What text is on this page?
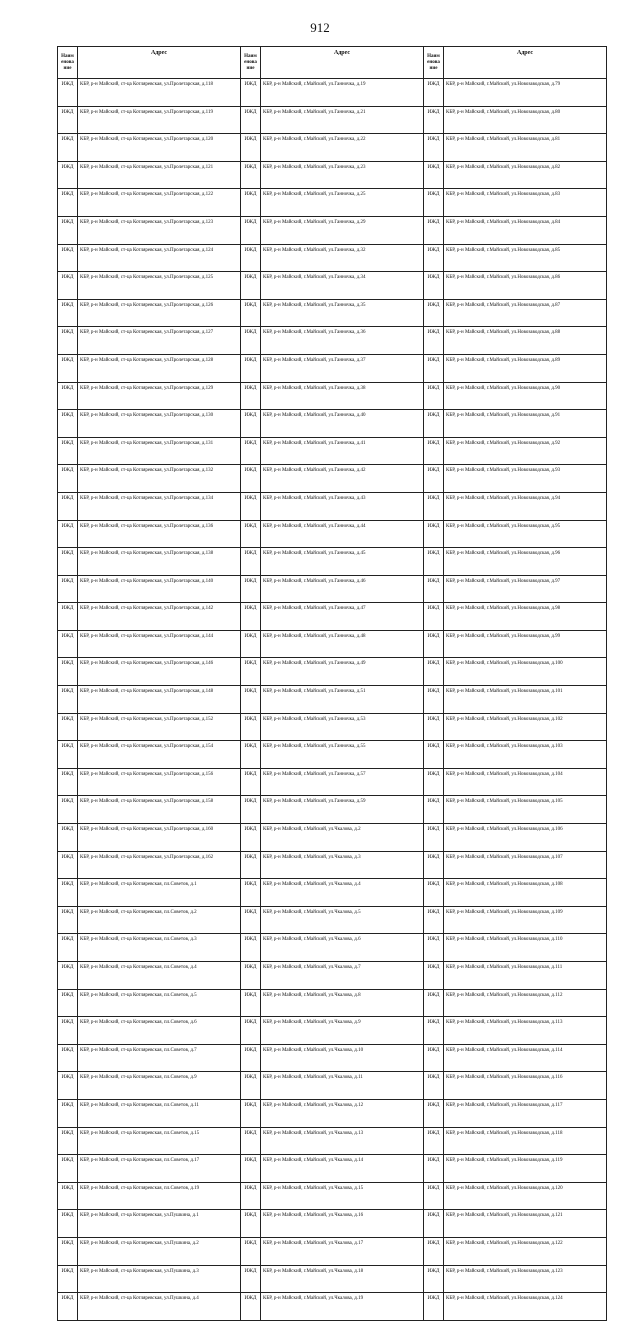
912
Наим енова ние	Адрес	Наим енова ние	Адрес	Наим енова ние	Адрес
ИЖД	КБР, р-н Майский, ст-ца Котляревская, ул.Пролетарская, д.118	ИЖД	КБР, р-н Майский, г.Майский, ул.Ганночка, д.19	ИЖД	КБР, р-н Майский, г.Майский, ул.Новозаводская, д.79
ИЖД	КБР, р-н Майский, ст-ца Котляревская, ул.Пролетарская, д.119	ИЖД	КБР, р-н Майский, г.Майский, ул.Ганночка, д.21	ИЖД	КБР, р-н Майский, г.Майский, ул.Новозаводская, д.80
ИЖД	КБР, р-н Майский, ст-ца Котляревская, ул.Пролетарская, д.120	ИЖД	КБР, р-н Майский, г.Майский, ул.Ганночка, д.22	ИЖД	КБР, р-н Майский, г.Майский, ул.Новозаводская, д.81
ИЖД	КБР, р-н Майский, ст-ца Котляревская, ул.Пролетарская, д.121	ИЖД	КБР, р-н Майский, г.Майский, ул.Ганночка, д.23	ИЖД	КБР, р-н Майский, г.Майский, ул.Новозаводская, д.82
ИЖД	КБР, р-н Майский, ст-ца Котляревская, ул.Пролетарская, д.122	ИЖД	КБР, р-н Майский, г.Майский, ул.Ганночка, д.25	ИЖД	КБР, р-н Майский, г.Майский, ул.Новозаводская, д.83
ИЖД	КБР, р-н Майский, ст-ца Котляревская, ул.Пролетарская, д.123	ИЖД	КБР, р-н Майский, г.Майский, ул.Ганночка, д.29	ИЖД	КБР, р-н Майский, г.Майский, ул.Новозаводская, д.84
ИЖД	КБР, р-н Майский, ст-ца Котляревская, ул.Пролетарская, д.124	ИЖД	КБР, р-н Майский, г.Майский, ул.Ганночка, д.32	ИЖД	КБР, р-н Майский, г.Майский, ул.Новозаводская, д.85
ИЖД	КБР, р-н Майский, ст-ца Котляревская, ул.Пролетарская, д.125	ИЖД	КБР, р-н Майский, г.Майский, ул.Ганночка, д.34	ИЖД	КБР, р-н Майский, г.Майский, ул.Новозаводская, д.86
ИЖД	КБР, р-н Майский, ст-ца Котляревская, ул.Пролетарская, д.126	ИЖД	КБР, р-н Майский, г.Майский, ул.Ганночка, д.35	ИЖД	КБР, р-н Майский, г.Майский, ул.Новозаводская, д.87
ИЖД	КБР, р-н Майский, ст-ца Котляревская, ул.Пролетарская, д.127	ИЖД	КБР, р-н Майский, г.Майский, ул.Ганночка, д.36	ИЖД	КБР, р-н Майский, г.Майский, ул.Новозаводская, д.88
ИЖД	КБР, р-н Майский, ст-ца Котляревская, ул.Пролетарская, д.128	ИЖД	КБР, р-н Майский, г.Майский, ул.Ганночка, д.37	ИЖД	КБР, р-н Майский, г.Майский, ул.Новозаводская, д.89
ИЖД	КБР, р-н Майский, ст-ца Котляревская, ул.Пролетарская, д.129	ИЖД	КБР, р-н Майский, г.Майский, ул.Ганночка, д.38	ИЖД	КБР, р-н Майский, г.Майский, ул.Новозаводская, д.90
ИЖД	КБР, р-н Майский, ст-ца Котляревская, ул.Пролетарская, д.130	ИЖД	КБР, р-н Майский, г.Майский, ул.Ганночка, д.40	ИЖД	КБР, р-н Майский, г.Майский, ул.Новозаводская, д.91
ИЖД	КБР, р-н Майский, ст-ца Котляревская, ул.Пролетарская, д.131	ИЖД	КБР, р-н Майский, г.Майский, ул.Ганночка, д.41	ИЖД	КБР, р-н Майский, г.Майский, ул.Новозаводская, д.92
ИЖД	КБР, р-н Майский, ст-ца Котляревская, ул.Пролетарская, д.132	ИЖД	КБР, р-н Майский, г.Майский, ул.Ганночка, д.42	ИЖД	КБР, р-н Майский, г.Майский, ул.Новозаводская, д.93
ИЖД	КБР, р-н Майский, ст-ца Котляревская, ул.Пролетарская, д.134	ИЖД	КБР, р-н Майский, г.Майский, ул.Ганночка, д.43	ИЖД	КБР, р-н Майский, г.Майский, ул.Новозаводская, д.94
ИЖД	КБР, р-н Майский, ст-ца Котляревская, ул.Пролетарская, д.136	ИЖД	КБР, р-н Майский, г.Майский, ул.Ганночка, д.44	ИЖД	КБР, р-н Майский, г.Майский, ул.Новозаводская, д.95
ИЖД	КБР, р-н Майский, ст-ца Котляревская, ул.Пролетарская, д.138	ИЖД	КБР, р-н Майский, г.Майский, ул.Ганночка, д.45	ИЖД	КБР, р-н Майский, г.Майский, ул.Новозаводская, д.96
ИЖД	КБР, р-н Майский, ст-ца Котляревская, ул.Пролетарская, д.140	ИЖД	КБР, р-н Майский, г.Майский, ул.Ганночка, д.46	ИЖД	КБР, р-н Майский, г.Майский, ул.Новозаводская, д.97
ИЖД	КБР, р-н Майский, ст-ца Котляревская, ул.Пролетарская, д.142	ИЖД	КБР, р-н Майский, г.Майский, ул.Ганночка, д.47	ИЖД	КБР, р-н Майский, г.Майский, ул.Новозаводская, д.98
ИЖД	КБР, р-н Майский, ст-ца Котляревская, ул.Пролетарская, д.144	ИЖД	КБР, р-н Майский, г.Майский, ул.Ганночка, д.48	ИЖД	КБР, р-н Майский, г.Майский, ул.Новозаводская, д.99
ИЖД	КБР, р-н Майский, ст-ца Котляревская, ул.Пролетарская, д.146	ИЖД	КБР, р-н Майский, г.Майский, ул.Ганночка, д.49	ИЖД	КБР, р-н Майский, г.Майский, ул.Новозаводская, д.100
ИЖД	КБР, р-н Майский, ст-ца Котляревская, ул.Пролетарская, д.148	ИЖД	КБР, р-н Майский, г.Майский, ул.Ганночка, д.51	ИЖД	КБР, р-н Майский, г.Майский, ул.Новозаводская, д.101
ИЖД	КБР, р-н Майский, ст-ца Котляревская, ул.Пролетарская, д.152	ИЖД	КБР, р-н Майский, г.Майский, ул.Ганночка, д.53	ИЖД	КБР, р-н Майский, г.Майский, ул.Новозаводская, д.102
ИЖД	КБР, р-н Майский, ст-ца Котляревская, ул.Пролетарская, д.154	ИЖД	КБР, р-н Майский, г.Майский, ул.Ганночка, д.55	ИЖД	КБР, р-н Майский, г.Майский, ул.Новозаводская, д.103
ИЖД	КБР, р-н Майский, ст-ца Котляревская, ул.Пролетарская, д.156	ИЖД	КБР, р-н Майский, г.Майский, ул.Ганночка, д.57	ИЖД	КБР, р-н Майский, г.Майский, ул.Новозаводская, д.104
ИЖД	КБР, р-н Майский, ст-ца Котляревская, ул.Пролетарская, д.158	ИЖД	КБР, р-н Майский, г.Майский, ул.Ганночка, д.59	ИЖД	КБР, р-н Майский, г.Майский, ул.Новозаводская, д.105
ИЖД	КБР, р-н Майский, ст-ца Котляревская, ул.Пролетарская, д.160	ИЖД	КБР, р-н Майский, г.Майский, ул.Чкалова, д.2	ИЖД	КБР, р-н Майский, г.Майский, ул.Новозаводская, д.106
ИЖД	КБР, р-н Майский, ст-ца Котляревская, ул.Пролетарская, д.162	ИЖД	КБР, р-н Майский, г.Майский, ул.Чкалова, д.3	ИЖД	КБР, р-н Майский, г.Майский, ул.Новозаводская, д.107
ИЖД	КБР, р-н Майский, ст-ца Котляревская, пл.Советов, д.1	ИЖД	КБР, р-н Майский, г.Майский, ул.Чкалова, д.4	ИЖД	КБР, р-н Майский, г.Майский, ул.Новозаводская, д.108
ИЖД	КБР, р-н Майский, ст-ца Котляревская, пл.Советов, д.2	ИЖД	КБР, р-н Майский, г.Майский, ул.Чкалова, д.5	ИЖД	КБР, р-н Майский, г.Майский, ул.Новозаводская, д.109
ИЖД	КБР, р-н Майский, ст-ца Котляревская, пл.Советов, д.3	ИЖД	КБР, р-н Майский, г.Майский, ул.Чкалова, д.6	ИЖД	КБР, р-н Майский, г.Майский, ул.Новозаводская, д.110
ИЖД	КБР, р-н Майский, ст-ца Котляревская, пл.Советов, д.4	ИЖД	КБР, р-н Майский, г.Майский, ул.Чкалова, д.7	ИЖД	КБР, р-н Майский, г.Майский, ул.Новозаводская, д.111
ИЖД	КБР, р-н Майский, ст-ца Котляревская, пл.Советов, д.5	ИЖД	КБР, р-н Майский, г.Майский, ул.Чкалова, д.8	ИЖД	КБР, р-н Майский, г.Майский, ул.Новозаводская, д.112
ИЖД	КБР, р-н Майский, ст-ца Котляревская, пл.Советов, д.6	ИЖД	КБР, р-н Майский, г.Майский, ул.Чкалова, д.9	ИЖД	КБР, р-н Майский, г.Майский, ул.Новозаводская, д.113
ИЖД	КБР, р-н Майский, ст-ца Котляревская, пл.Советов, д.7	ИЖД	КБР, р-н Майский, г.Майский, ул.Чкалова, д.10	ИЖД	КБР, р-н Майский, г.Майский, ул.Новозаводская, д.114
ИЖД	КБР, р-н Майский, ст-ца Котляревская, пл.Советов, д.9	ИЖД	КБР, р-н Майский, г.Майский, ул.Чкалова, д.11	ИЖД	КБР, р-н Майский, г.Майский, ул.Новозаводская, д.116
ИЖД	КБР, р-н Майский, ст-ца Котляревская, пл.Советов, д.11	ИЖД	КБР, р-н Майский, г.Майский, ул.Чкалова, д.12	ИЖД	КБР, р-н Майский, г.Майский, ул.Новозаводская, д.117
ИЖД	КБР, р-н Майский, ст-ца Котляревская, пл.Советов, д.15	ИЖД	КБР, р-н Майский, г.Майский, ул.Чкалова, д.13	ИЖД	КБР, р-н Майский, г.Майский, ул.Новозаводская, д.118
ИЖД	КБР, р-н Майский, ст-ца Котляревская, пл.Советов, д.17	ИЖД	КБР, р-н Майский, г.Майский, ул.Чкалова, д.14	ИЖД	КБР, р-н Майский, г.Майский, ул.Новозаводская, д.119
ИЖД	КБР, р-н Майский, ст-ца Котляревская, пл.Советов, д.19	ИЖД	КБР, р-н Майский, г.Майский, ул.Чкалова, д.15	ИЖД	КБР, р-н Майский, г.Майский, ул.Новозаводская, д.120
ИЖД	КБР, р-н Майский, ст-ца Котляревская, ул.Пушкина, д.1	ИЖД	КБР, р-н Майский, г.Майский, ул.Чкалова, д.16	ИЖД	КБР, р-н Майский, г.Майский, ул.Новозаводская, д.121
ИЖД	КБР, р-н Майский, ст-ца Котляревская, ул.Пушкина, д.2	ИЖД	КБР, р-н Майский, г.Майский, ул.Чкалова, д.17	ИЖД	КБР, р-н Майский, г.Майский, ул.Новозаводская, д.122
ИЖД	КБР, р-н Майский, ст-ца Котляревская, ул.Пушкина, д.3	ИЖД	КБР, р-н Майский, г.Майский, ул.Чкалова, д.18	ИЖД	КБР, р-н Майский, г.Майский, ул.Новозаводская, д.123
ИЖД	КБР, р-н Майский, ст-ца Котляревская, ул.Пушкина, д.4	ИЖД	КБР, р-н Майский, г.Майский, ул.Чкалова, д.19	ИЖД	КБР, р-н Майский, г.Майский, ул.Новозаводская, д.124
